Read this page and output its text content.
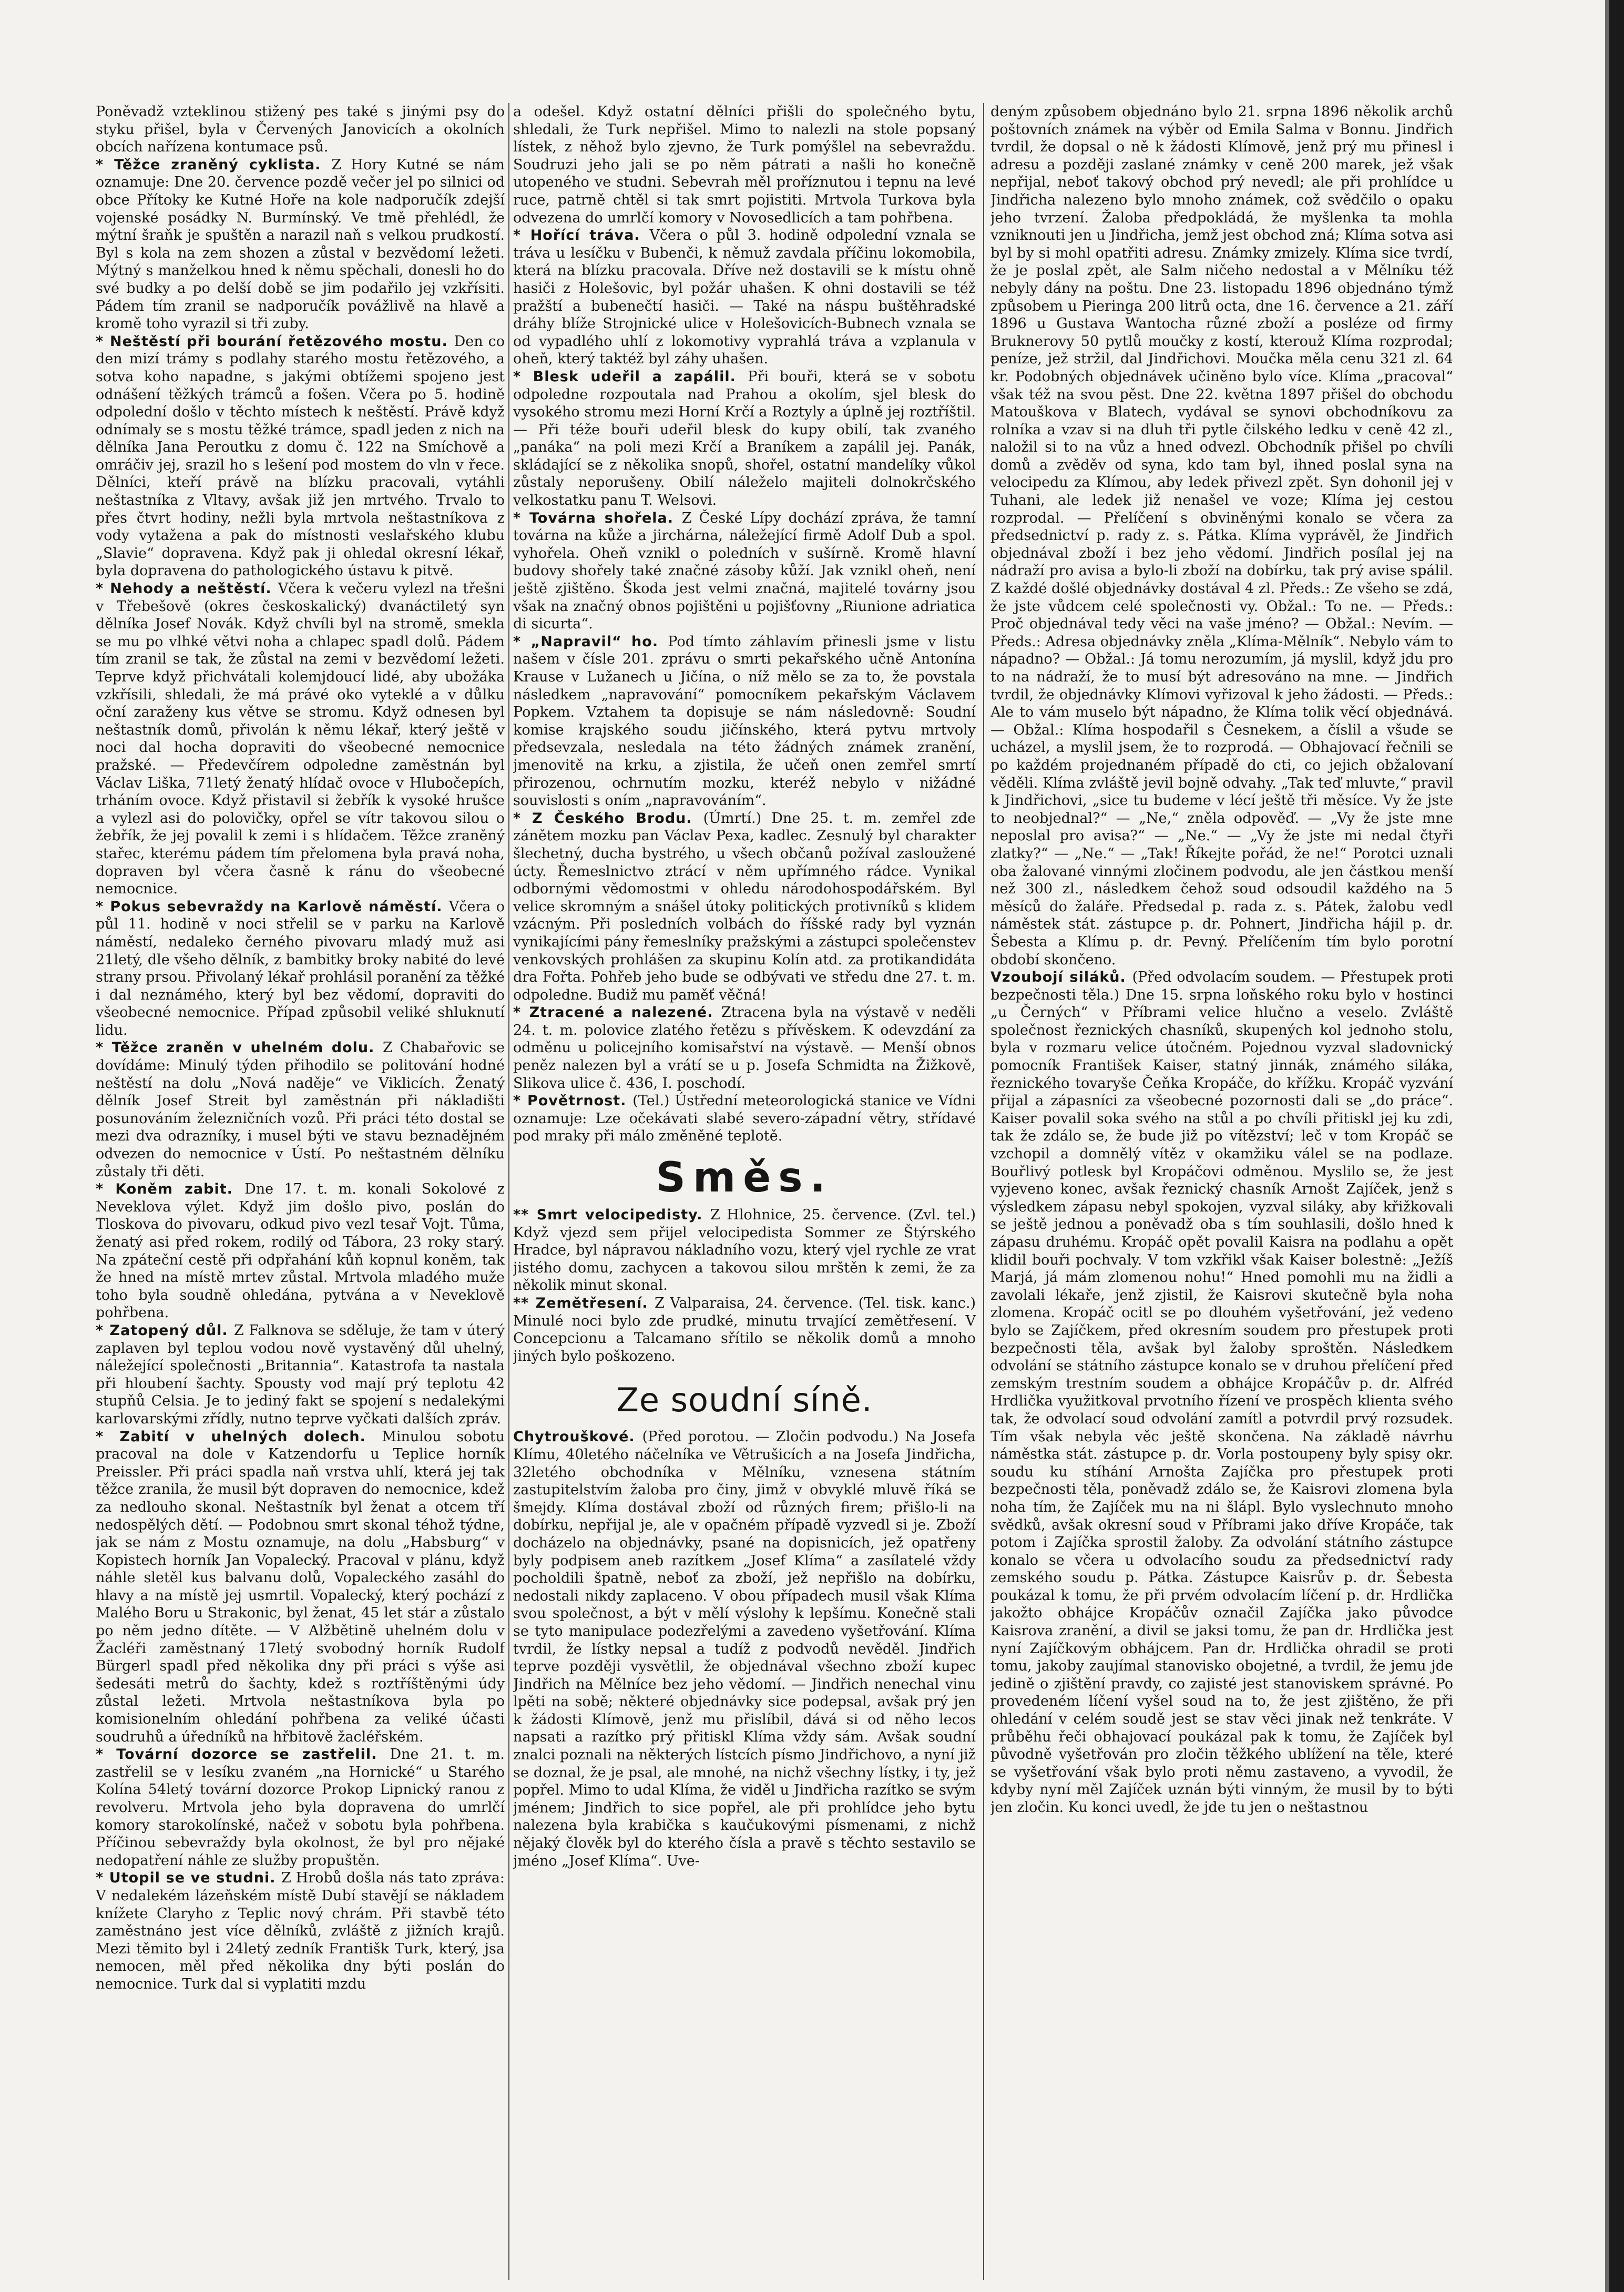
Poněvadž vzteklinou stižený pes také s jinými psy do styku přišel, byla v Červených Janovicích a okolních obcích nařízena kontumace psů.

* Těžce zraněný cyklista. Z Hory Kutné se nám oznamuje: Dne 20. července pozdě večer jel po silnici od obce Přítoky ke Kutné Hoře na kole nadporučík zdejší vojenské posádky N. Burmínský. Ve tmě přehlédl, že mýtní šraňk je spuštěn a narazil naň s velkou prudkostí. Byl s kola na zem shozen a zůstal v bezvědomí ležeti. Mýtný s manželkou hned k němu spěchali, donesli ho do své budky a po delší době se jim podařilo jej vzkřísiti. Pádem tím zranil se nadporučík povážlivě na hlavě a kromě toho vyrazil si tři zuby.

* Neštěstí při bourání řetězového mostu. Den co den mizí trámy s podlahy starého mostu řetězového, a sotva koho napadne, s jakými obtížemi spojeno jest odnášení těžkých trámců a fošen. Včera po 5. hodině odpolední došlo v těchto místech k neštěstí. Právě když odnímaly se s mostu těžké trámce, spadl jeden z nich na dělníka Jana Peroutku z domu č. 122 na Smíchově a omráčiv jej, srazil ho s lešení pod mostem do vln v řece. Dělníci, kteří právě na blízku pracovali, vytáhli neštastníka z Vltavy, avšak již jen mrtvého. Trvalo to přes čtvrt hodiny, nežli byla mrtvola neštastníkova z vody vytažena a pak do místnosti veslařského klubu „Slavie“ dopravena. Když pak ji ohledal okresní lékař, byla dopravena do pathologického ústavu k pitvě.

* Nehody a neštěstí. Včera k večeru vylezl na třešni v Třebešově (okres českoskalický) dvanáctiletý syn dělníka Josef Novák. Když chvíli byl na stromě, smekla se mu po vlhké větvi noha a chlapec spadl dolů. Pádem tím zranil se tak, že zůstal na zemi v bezvědomí ležeti. Teprve když přichvátali kolemjdoucí lidé, aby ubožáka vzkřísili, shledali, že má právé oko vyteklé a v důlku oční zaraženy kus větve se stromu. Když odnesen byl neštastník domů, přivolán k němu lékař, který ještě v noci dal hocha dopraviti do všeobecné nemocnice pražské. — Předevčírem odpoledne zaměstnán byl Václav Liška, 71letý ženatý hlídač ovoce v Hlubočepích, trháním ovoce. Když přistavil si žebřík k vysoké hrušce a vylezl asi do polovičky, opřel se vítr takovou silou o žebřík, že jej povalil k zemi i s hlídačem. Těžce zraněný stařec, kterému pádem tím přelomena byla pravá noha, dopraven byl včera časně k ránu do všeobecné nemocnice.

* Pokus sebevraždy na Karlově náměstí. Včera o půl 11. hodině v noci střelil se v parku na Karlově náměstí, nedaleko černého pivovaru mladý muž asi 21letý, dle všeho dělník, z bambitky broky nabité do levé strany prsou. Přivolaný lékař prohlásil poranění za těžké i dal neznámého, který byl bez vědomí, dopraviti do všeobecné nemocnice. Případ způsobil veliké shluknutí lidu.

* Těžce zraněn v uhelném dolu. Z Chabařovic se dovídáme: Minulý týden přihodilo se politování hodné neštěstí na dolu „Nová naděje“ ve Viklicích. Ženatý dělník Josef Streit byl zaměstnán při nákladišti posunováním železničních vozů. Při práci této dostal se mezi dva odrazníky, i musel býti ve stavu beznadějném odvezen do nemocnice v Ústí. Po neštastném dělníku zůstaly tři děti.

* Koněm zabit. Dne 17. t. m. konali Sokolové z Neveklova výlet. Když jim došlo pivo, poslán do Tloskova do pivovaru, odkud pivo vezl tesař Vojt. Tůma, ženatý asi před rokem, rodilý od Tábora, 23 roky starý. Na zpáteční cestě při odpřahání kůň kopnul koněm, tak že hned na místě mrtev zůstal. Mrtvola mladého muže toho byla soudně ohledána, pytvána a v Neveklově pohřbena.

* Zatopený důl. Z Falknova se sděluje, že tam v úterý zaplaven byl teplou vodou nově vystavěný důl uhelný, náležející společnosti „Britannia“. Katastrofa ta nastala při hloubení šachty. Spousty vod mají prý teplotu 42 stupňů Celsia. Je to jediný fakt se spojení s nedalekými karlovarskými zřídly, nutno teprve vyčkati dalších zpráv.

* Zabití v uhelných dolech. Minulou sobotu pracoval na dole v Katzendorfu u Teplice horník Preissler. Při práci spadla naň vrstva uhlí, která jej tak těžce zranila, že musil být dopraven do nemocnice, kdež za nedlouho skonal. Neštastník byl ženat a otcem tří nedospělých dětí. — Podobnou smrt skonal téhož týdne, jak se nám z Mostu oznamuje, na dolu „Habsburg“ v Kopistech horník Jan Vopalecký. Pracoval v plánu, když náhle sletěl kus balvanu dolů, Vopaleckého zasáhl do hlavy a na místě jej usmrtil. Vopalecký, který pochází z Malého Boru u Strakonic, byl ženat, 45 let stár a zůstalo po něm jedno dítěte. — V Alžbětině uhelném dolu v Žacléři zaměstnaný 17letý svobodný horník Rudolf Bürgerl spadl před několika dny při práci s výše asi šedesáti metrů do šachty, kdež s roztříštěnými údy zůstal ležeti. Mrtvola neštastníkova byla po komisionelním ohledání pohřbena za veliké účasti soudruhů a úředníků na hřbitově žacléřském.

* Tovární dozorce se zastřelil. Dne 21. t. m. zastřelil se v lesíku zvaném „na Hornické“ u Starého Kolína 54letý tovární dozorce Prokop Lipnický ranou z revolveru. Mrtvola jeho byla dopravena do umrlčí komory starokolínské, načež v sobotu byla pohřbena. Příčinou sebevraždy byla okolnost, že byl pro nějaké nedopatření náhle ze služby propuštěn.

* Utopil se ve studni. Z Hrobů došla nás tato zpráva: V nedalekém lázeňském místě Dubí stavějí se nákladem knížete Claryho z Teplic nový chrám. Při stavbě této zaměstnáno jest více dělníků, zvláště z jižních krajů. Mezi těmito byl i 24letý zedník Františk Turk, který, jsa nemocen, měl před několika dny býti poslán do nemocnice. Turk dal si vyplatiti mzdu

a odešel. Když ostatní dělníci přišli do společného bytu, shledali, že Turk nepřišel. Mimo to nalezli na stole popsaný lístek, z něhož bylo zjevno, že Turk pomýšlel na sebevraždu. Soudruzi jeho jali se po něm pátrati a našli ho konečně utopeného ve studni. Sebevrah měl proříznutou i tepnu na levé ruce, patrně chtěl si tak smrt pojistiti. Mrtvola Turkova byla odvezena do umrlčí komory v Novosedlicích a tam pohřbena.

* Hořící tráva. Včera o půl 3. hodině odpolední vznala se tráva u lesíčku v Bubenči, k němuž zavdala příčinu lokomobila, která na blízku pracovala. Dříve než dostavili se k místu ohně hasiči z Holešovic, byl požár uhašen. K ohni dostavili se též pražští a bubenečtí hasiči. — Také na náspu buštěhradské dráhy blíže Strojnické ulice v Holešovicích-Bubnech vznala se od vypadlého uhlí z lokomotivy vyprahlá tráva a vzplanula v oheň, který taktéž byl záhy uhašen.

* Blesk udeřil a zapálil. Při bouři, která se v sobotu odpoledne rozpoutala nad Prahou a okolím, sjel blesk do vysokého stromu mezi Horní Krčí a Roztyly a úplně jej roztříštil. — Při téže bouři udeřil blesk do kupy obilí, tak zvaného „panáka“ na poli mezi Krčí a Braníkem a zapálil jej. Panák, skládající se z několika snopů, shořel, ostatní mandelíky vůkol zůstaly neporušeny. Obilí náleželo majiteli dolnokrčského velkostatku panu T. Welsovi.

* Továrna shořela. Z České Lípy dochází zpráva, že tamní továrna na kůže a jirchárna, náležející firmě Adolf Dub a spol. vyhořela. Oheň vznikl o poledních v sušírně. Kromě hlavní budovy shořely také značné zásoby kůží. Jak vznikl oheň, není ještě zjištěno. Škoda jest velmi značná, majitelé továrny jsou však na značný obnos pojištěni u pojišťovny „Riunione adriatica di sicurta“.

* „Napravil“ ho. Pod tímto záhlavím přinesli jsme v listu našem v čísle 201. zprávu o smrti pekařského učně Antonína Krause v Lužanech u Jičína, o níž mělo se za to, že povstala následkem „napravování“ pomocníkem pekařským Václavem Popkem. Vztahem ta dopisuje se nám následovně: Soudní komise krajského soudu jičínského, která pytvu mrtvoly předsevzala, nesledala na této žádných známek zranění, jmenovitě na krku, a zjistila, že učeň onen zemřel smrtí přirozenou, ochrnutím mozku, kteréž nebylo v nižádné souvislosti s oním „napravováním“.

* Z Českého Brodu. (Úmrtí.) Dne 25. t. m. zemřel zde zánětem mozku pan Václav Pexa, kadlec. Zesnulý byl charakter šlechetný, ducha bystrého, u všech občanů požíval zasloužené úcty. Řemeslnictvo ztrácí v něm upřímného rádce. Vynikal odbornými vědomostmi v ohledu národohospodářském. Byl velice skromným a snášel útoky politických protivníků s klidem vzácným. Při posledních volbách do říšské rady byl vyznán vynikajícími pány řemeslníky pražskými a zástupci společenstev venkovských prohlášen za skupinu Kolín atd. za protikandidáta dra Fořta. Pohřeb jeho bude se odbývati ve středu dne 27. t. m. odpoledne. Budiž mu paměť věčná!

* Ztracené a nalezené. Ztracena byla na výstavě v neděli 24. t. m. polovice zlatého řetězu s přívěskem. K odevzdání za odměnu u policejního komisařství na výstavě. — Menší obnos peněz nalezen byl a vrátí se u p. Josefa Schmidta na Žižkově, Slikova ulice č. 436, I. poschodí.

* Povětrnost. (Tel.) Ústřední meteorologická stanice ve Vídni oznamuje: Lze očekávati slabé severo-západní větry, střídavé pod mraky při málo změněné teplotě.

Směs.

** Smrt velocipedisty. Z Hlohnice, 25. července. (Zvl. tel.) Když vjezd sem přijel velocipedista Sommer ze Štýrského Hradce, byl nápravou nákladního vozu, který vjel rychle ze vrat jistého domu, zachycen a takovou silou mrštěn k zemi, že za několik minut skonal.

** Zemětřesení. Z Valparaisa, 24. července. (Tel. tisk. kanc.) Minulé noci bylo zde prudké, minutu trvající zemětřesení. V Concepcionu a Talcamano sřítilo se několik domů a mnoho jiných bylo poškozeno.

Ze soudní síně.

Chytrouškové. (Před porotou. — Zločin podvodu.) Na Josefa Klímu, 40letého náčelníka ve Větrušicích a na Josefa Jindřicha, 32letého obchodníka v Mělníku, vznesena státním zastupitelstvím žaloba pro činy, jimž v obvyklé mluvě říká se šmejdy. Klíma dostával zboží od různých firem; přišlo-li na dobírku, nepřijal je, ale v opačném případě vyzvedl si je. Zboží docházelo na objednávky, psané na dopisnicích, jež opatřeny byly podpisem aneb razítkem „Josef Klíma“ a zasílatelé vždy pocholdili špatně, neboť za zboží, jež nepřišlo na dobírku, nedostali nikdy zaplaceno. V obou případech musil však Klíma svou společnost, a být v mělí výslohy k lepšímu. Konečně stali se tyto manipulace podezřelými a zavedeno vyšetřování. Klíma tvrdil, že lístky nepsal a tudíž z podvodů nevěděl. Jindřich teprve později vysvětlil, že objednával všechno zboží kupec Jindřich na Mělníce bez jeho vědomí. — Jindřich nenechal vinu lpěti na sobě; některé objednávky sice podepsal, avšak prý jen k žádosti Klímově, jenž mu přislíbil, dává si od něho lecos napsati a razítko prý přitiskl Klíma vždy sám. Avšak soudní znalci poznali na některých lístcích písmo Jindřichovo, a nyní již se doznal, že je psal, ale mnohé, na nichž všechny lístky, i ty, jež popřel. Mimo to udal Klíma, že viděl u Jindřicha razítko se svým jménem; Jindřich to sice popřel, ale při prohlídce jeho bytu nalezena byla krabička s kaučukovými písmenami, z nichž nějaký člověk byl do kterého čísla a pravě s těchto sestavilo se jméno „Josef Klíma“. Uve-

deným způsobem objednáno bylo 21. srpna 1896 několik archů poštovních známek na výběr od Emila Salma v Bonnu. Jindřich tvrdil, že dopsal o ně k žádosti Klímově, jenž prý mu přinesl i adresu a později zaslané známky v ceně 200 marek, jež však nepřijal, neboť takový obchod prý nevedl; ale při prohlídce u Jindřicha nalezeno bylo mnoho známek, což svědčilo o opaku jeho tvrzení. Žaloba předpokládá, že myšlenka ta mohla vzniknouti jen u Jindřicha, jemž jest obchod zná; Klíma sotva asi byl by si mohl opatřiti adresu. Známky zmizely. Klíma sice tvrdí, že je poslal zpět, ale Salm ničeho nedostal a v Mělníku též nebyly dány na poštu. Dne 23. listopadu 1896 objednáno týmž způsobem u Pieringa 200 litrů octa, dne 16. července a 21. září 1896 u Gustava Wantocha různé zboží a posléze od firmy Bruknerovy 50 pytlů moučky z kostí, kterouž Klíma rozprodal; peníze, jež stržil, dal Jindřichovi. Moučka měla cenu 321 zl. 64 kr. Podobných objednávek učiněno bylo více. Klíma „pracoval“ však též na svou pěst. Dne 22. května 1897 přišel do obchodu Matouškova v Blatech, vydával se synovi obchodníkovu za rolníka a vzav si na dluh tři pytle čilského ledku v ceně 42 zl., naložil si to na vůz a hned odvezl. Obchodník přišel po chvíli domů a zvěděv od syna, kdo tam byl, ihned poslal syna na velocipedu za Klímou, aby ledek přivezl zpět. Syn dohonil jej v Tuhani, ale ledek již nenašel ve voze; Klíma jej cestou rozprodal. — Přelíčení s obviněnými konalo se včera za předsednictví p. rady z. s. Pátka. Klíma vyprávěl, že Jindřich objednával zboží i bez jeho vědomí. Jindřich posílal jej na nádraží pro avisa a bylo-li zboží na dobírku, tak prý avise spálil. Z každé došlé objednávky dostával 4 zl. Předs.: Ze všeho se zdá, že jste vůdcem celé společnosti vy. Obžal.: To ne. — Předs.: Proč objednával tedy věci na vaše jméno? — Obžal.: Nevím. — Předs.: Adresa objednávky zněla „Klíma-Mělník“. Nebylo vám to nápadno? — Obžal.: Já tomu nerozumím, já myslil, když jdu pro to na nádraží, že to musí být adresováno na mne. — Jindřich tvrdil, že objednávky Klímovi vyřizoval k jeho žádosti. — Předs.: Ale to vám muselo být nápadno, že Klíma tolik věcí objednává. — Obžal.: Klíma hospodařil s Česnekem, a číslil a všude se ucházel, a myslil jsem, že to rozprodá. — Obhajovací řečnili se po každém projednaném případě do cti, co jejich obžalovaní věděli. Klíma zvláště jevil bojně odvahy. „Tak teď mluvte,“ pravil k Jindřichovi, „sice tu budeme v lécí ještě tři měsíce. Vy že jste to neobjednal?“ — „Ne,“ zněla odpověď. — „Vy že jste mne neposlal pro avisa?“ — „Ne.“ — „Vy že jste mi nedal čtyři zlatky?“ — „Ne.“ — „Tak! Říkejte pořád, že ne!“ Porotci uznali oba žalované vinnými zločinem podvodu, ale jen částkou menší než 300 zl., následkem čehož soud odsoudil každého na 5 měsíců do žaláře. Předsedal p. rada z. s. Pátek, žalobu vedl náměstek stát. zástupce p. dr. Pohnert, Jindřicha hájil p. dr. Šebesta a Klímu p. dr. Pevný. Přelíčením tím bylo porotní období skončeno.

Vzoubojí siláků. (Před odvolacím soudem. — Přestupek proti bezpečnosti těla.) Dne 15. srpna loňského roku bylo v hostinci „u Černých“ v Příbrami velice hlučno a veselo. Zvláště společnost řeznických chasníků, skupených kol jednoho stolu, byla v rozmaru velice útočném. Pojednou vyzval sladovnický pomocník František Kaiser, statný jinnák, známého siláka, řeznického tovaryše Čeňka Kropáče, do křížku. Kropáč vyzvání přijal a zápasníci za všeobecné pozornosti dali se „do práce“. Kaiser povalil soka svého na stůl a po chvíli přitiskl jej ku zdi, tak že zdálo se, že bude již po vítězství; leč v tom Kropáč se vzchopil a domnělý vítěz v okamžiku válel se na podlaze. Bouřlivý potlesk byl Kropáčovi odměnou. Myslilo se, že jest vyjeveno konec, avšak řeznický chasník Arnošt Zajíček, jenž s výsledkem zápasu nebyl spokojen, vyzval siláky, aby křižkovali se ještě jednou a poněvadž oba s tím souhlasili, došlo hned k zápasu druhému. Kropáč opět povalil Kaisra na podlahu a opět klidil bouři pochvaly. V tom vzkřikl však Kaiser bolestně: „Ježíš Marjá, já mám zlomenou nohu!“ Hned pomohli mu na židli a zavolali lékaře, jenž zjistil, že Kaisrovi skutečně byla noha zlomena. Kropáč ocitl se po dlouhém vyšetřování, jež vedeno bylo se Zajíčkem, před okresním soudem pro přestupek proti bezpečnosti těla, avšak byl žaloby sproštěn. Následkem odvolání se státního zástupce konalo se v druhou přelíčení před zemským trestním soudem a obhájce Kropáčův p. dr. Alfréd Hrdlička využitkoval prvotního řízení ve prospěch klienta svého tak, že odvolací soud odvolání zamítl a potvrdil prvý rozsudek. Tím však nebyla věc ještě skončena. Na základě návrhu náměstka stát. zástupce p. dr. Vorla postoupeny byly spisy okr. soudu ku stíhání Arnošta Zajíčka pro přestupek proti bezpečnosti těla, poněvadž zdálo se, že Kaisrovi zlomena byla noha tím, že Zajíček mu na ni šlápl. Bylo vyslechnuto mnoho svědků, avšak okresní soud v Příbrami jako dříve Kropáče, tak potom i Zajíčka sprostil žaloby. Za odvolání státního zástupce konalo se včera u odvolacího soudu za předsednictví rady zemského soudu p. Pátka. Zástupce Kaisrův p. dr. Šebesta poukázal k tomu, že při prvém odvolacím líčení p. dr. Hrdlička jakožto obhájce Kropáčův označil Zajíčka jako původce Kaisrova zranění, a divil se jaksi tomu, že pan dr. Hrdlička jest nyní Zajíčkovým obhájcem. Pan dr. Hrdlička ohradil se proti tomu, jakoby zaujímal stanovisko obojetné, a tvrdil, že jemu jde jedině o zjištění pravdy, co zajisté jest stanoviskem správné. Po provedeném líčení vyšel soud na to, že jest zjištěno, že při ohledání v celém soudě jest se stav věci jinak než tenkráte. V průběhu řeči obhajovací poukázal pak k tomu, že Zajíček byl původně vyšetřován pro zločin těžkého ublížení na těle, které se vyšetřování však bylo proti němu zastaveno, a vyvodil, že kdyby nyní měl Zajíček uznán býti vinným, že musil by to býti jen zločin. Ku konci uvedl, že jde tu jen o neštastnou
